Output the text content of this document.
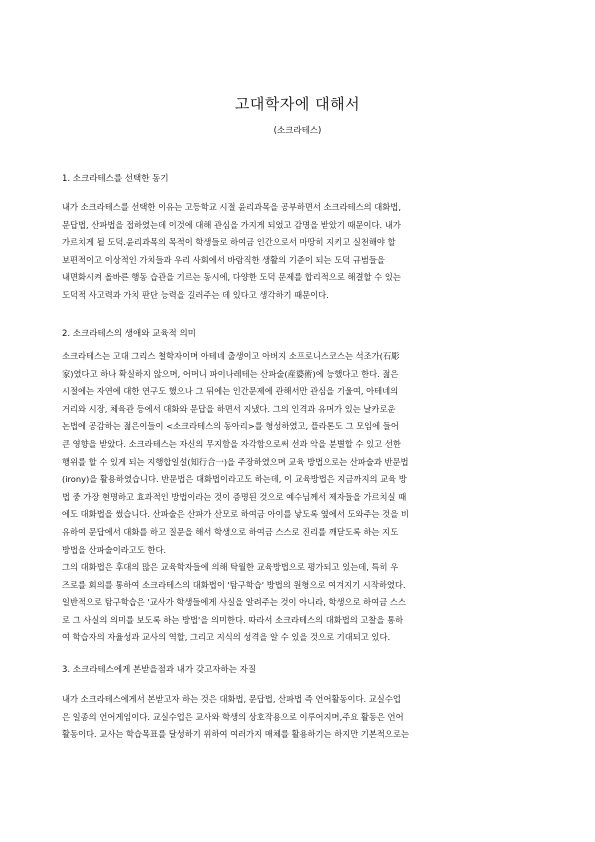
고대학자에 대해서
(소크라테스)
1. 소크라테스를 선택한 동기
내가 소크라테스를 선택한 이유는 고등학교 시절 윤리과목을 공부하면서 소크라테스의 대화법,
문답법, 산파법을 접하였는데 이것에 대해 관심을 가지게 되었고 감명을 받았기 때문이다. 내가
가르치게 될 도덕.윤리과목의 목적이 학생들로 하여금 인간으로서 마땅히 지키고 실천해야 할
보편적이고 이상적인 가치들과 우리 사회에서 바람직한 생활의 기준이 되는 도덕 규범들을
내면화시켜 올바른 행동 습관을 기르는 동시에, 다양한 도덕 문제를 합리적으로 해결할 수 있는
도덕적 사고력과 가치 판단 능력을 길러주는 데 있다고 생각하기 때문이다.
2. 소크라테스의 생애와 교육적 의미
소크라테스는 고대 그리스 철학자이며 아테네 출생이고 아버지 소프로니스코스는 석조가(石彫
家)였다고 하나 확실하지 않으며, 어머니 파이나레테는 산파술(産婆術)에 능했다고 한다. 젊은
시절에는 자연에 대한 연구도 했으나 그 뒤에는 인간문제에 관해서만 관심을 기울여, 아테네의
거리와 시장, 체육관 등에서 대화와 문답을 하면서 지냈다. 그의 인격과 유머가 있는 날카로운
논법에 공감하는 젊은이들이 <소크라테스의 동아리>를 형성하였고, 플라톤도 그 모임에 들어
큰 영향을 받았다. 소크라테스는 자신의 무지함을 자각함으로써 선과 악을 분별할 수 있고 선한
행위를 할 수 있게 되는 지행합일설(知行合一)을 주장하였으며 교육 방법으로는 산파술과 반문법
(irony)을 활용하였습니다. 반문법은 대화법이라고도 하는데, 이 교육방법은 지금까지의 교육 방
법 중 가장 현명하고 효과적인 방법이라는 것이 증명된 것으로 예수님께서 제자들을 가르치실 때
에도 대화법을 썼습니다. 산파술은 산파가 산모로 하여금 아이를 낳도록 옆에서 도와주는 것을 비
유하여 문답에서 대화를 하고 질문을 해서 학생으로 하여금 스스로 진리를 깨닫도록 하는 지도
방법을 산파술이라고도 한다.
그의 대화법은 후대의 많은 교육학자들에 의해 탁월한 교육방법으로 평가되고 있는데, 특히 우
즈로를 회의를 통하여 소크라테스의 대화법이 '탐구학습' 방법의 원형으로 여겨지기 시작하였다.
일반적으로 탐구학습은 '교사가 학생들에게 사실을 알려주는 것이 아니라, 학생으로 하여금 스스
로 그 사실의 의미를 보도록 하는 방법'을 의미한다. 따라서 소크라테스의 대화법의 고찰을 통하
여 학습자의 자율성과 교사의 역할, 그리고 지식의 성격을 알 수 있을 것으로 기대되고 있다.
3. 소크라테스에게 본받을점과 내가 갖고자하는 자질
내가 소크라테스에게서 본받고자 하는 것은 대화법, 문답법, 산파법 즉 언어활동이다. 교실수업
은 일종의 언어게임이다. 교실수업은 교사와 학생의 상호작용으로 이루어지며,주요 활동은 언어
활동이다. 교사는 학습목표를 달성하기 위하여 여러가지 매체를 활용하기는 하지만 기본적으로는
